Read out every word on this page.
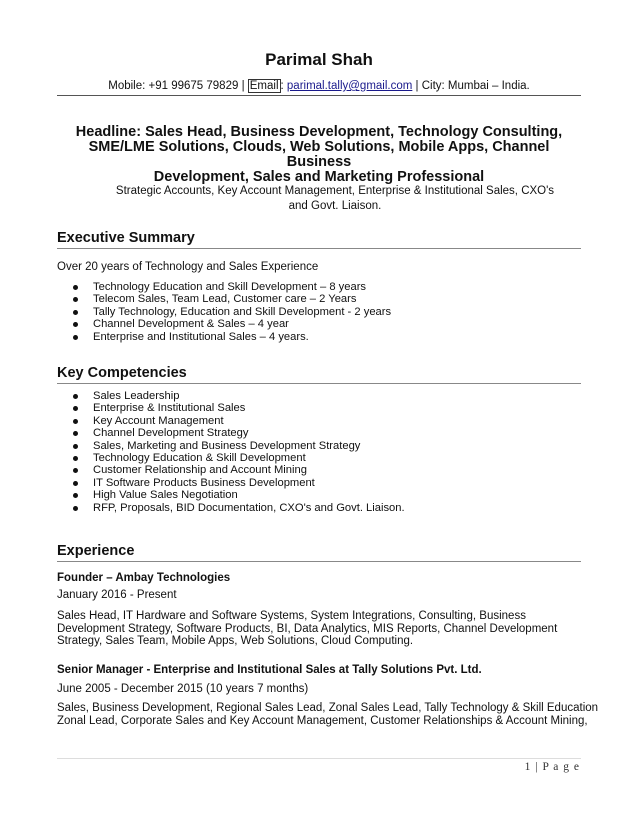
Parimal Shah
Mobile: +91 99675 79829 | Email : parimal.tally@gmail.com | City: Mumbai – India.
Headline: Sales Head, Business Development, Technology Consulting,
SME/LME Solutions, Clouds, Web Solutions, Mobile Apps, Channel Business
Development, Sales and Marketing Professional
Strategic Accounts, Key Account Management, Enterprise & Institutional Sales, CXO's
and Govt. Liaison.
Executive Summary
Over 20 years of Technology and Sales Experience
Technology Education and Skill Development – 8 years
Telecom Sales, Team Lead, Customer care – 2 Years
Tally Technology, Education and Skill Development - 2 years
Channel Development & Sales – 4 year
Enterprise and Institutional Sales – 4 years.
Key Competencies
Sales Leadership
Enterprise & Institutional Sales
Key Account Management
Channel Development Strategy
Sales, Marketing and Business Development Strategy
Technology Education & Skill Development
Customer Relationship and Account Mining
IT Software Products Business Development
High Value Sales Negotiation
RFP, Proposals, BID Documentation, CXO's and Govt. Liaison.
Experience
Founder – Ambay Technologies
January 2016 - Present
Sales Head, IT Hardware and Software Systems, System Integrations, Consulting, Business
Development Strategy, Software Products, BI, Data Analytics, MIS Reports, Channel Development
Strategy, Sales Team, Mobile Apps, Web Solutions, Cloud Computing.
Senior Manager - Enterprise and Institutional Sales at Tally Solutions Pvt. Ltd.
June 2005 - December 2015 (10 years 7 months)
Sales, Business Development, Regional Sales Lead, Zonal Sales Lead, Tally Technology & Skill Education
Zonal Lead, Corporate Sales and Key Account Management, Customer Relationships & Account Mining,
1 | P a g e
